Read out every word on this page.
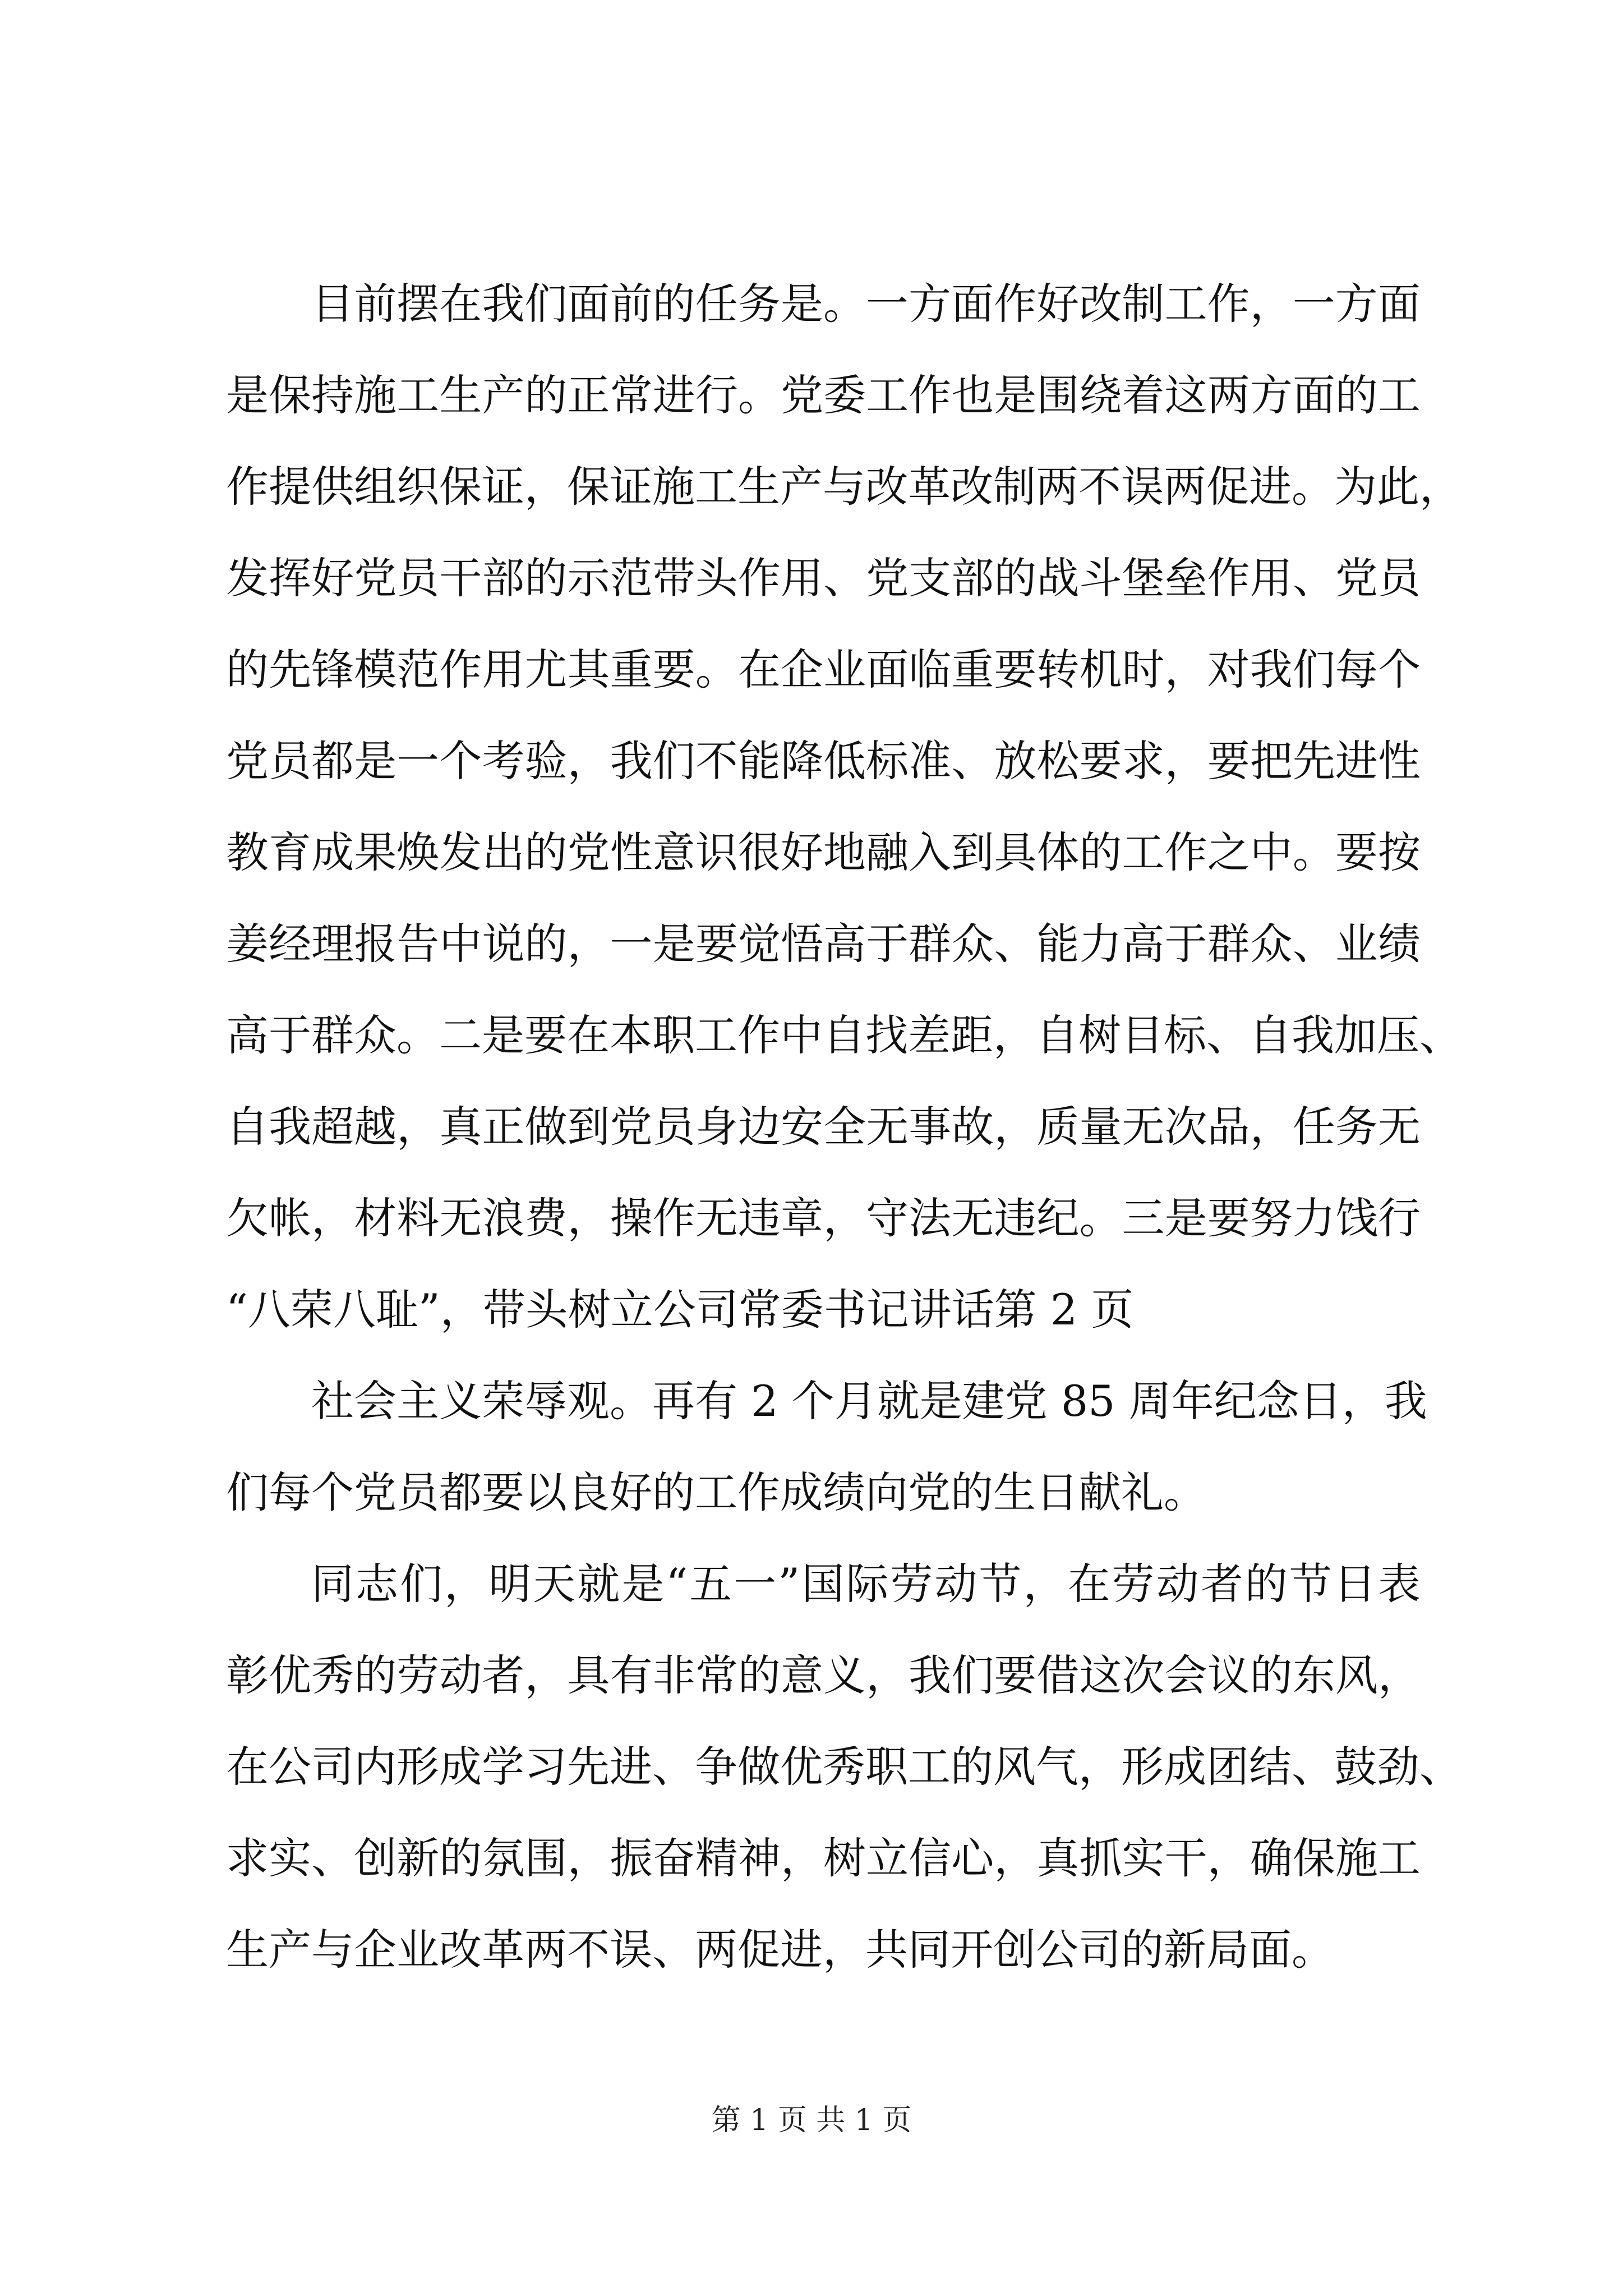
目前摆在我们面前的任务是。一方面作好改制工作，一方面
是保持施工生产的正常进行。党委工作也是围绕着这两方面的工
作提供组织保证，保证施工生产与改革改制两不误两促进。为此，
发挥好党员干部的示范带头作用、党支部的战斗堡垒作用、党员
的先锋模范作用尤其重要。在企业面临重要转机时，对我们每个
党员都是一个考验，我们不能降低标准、放松要求，要把先进性
教育成果焕发出的党性意识很好地融入到具体的工作之中。要按
姜经理报告中说的，一是要觉悟高于群众、能力高于群众、业绩
高于群众。二是要在本职工作中自找差距，自树目标、自我加压、
自我超越，真正做到党员身边安全无事故，质量无次品，任务无
欠帐，材料无浪费，操作无违章，守法无违纪。三是要努力饯行
“八荣八耻”，带头树立公司常委书记讲话第 2 页
社会主义荣辱观。再有 2 个月就是建党 85 周年纪念日，我
们每个党员都要以良好的工作成绩向党的生日献礼。
同志们，明天就是“五一”国际劳动节，在劳动者的节日表
彰优秀的劳动者，具有非常的意义，我们要借这次会议的东风，
在公司内形成学习先进、争做优秀职工的风气，形成团结、鼓劲、
求实、创新的氛围，振奋精神，树立信心，真抓实干，确保施工
生产与企业改革两不误、两促进，共同开创公司的新局面。
第 1 页 共 1 页
